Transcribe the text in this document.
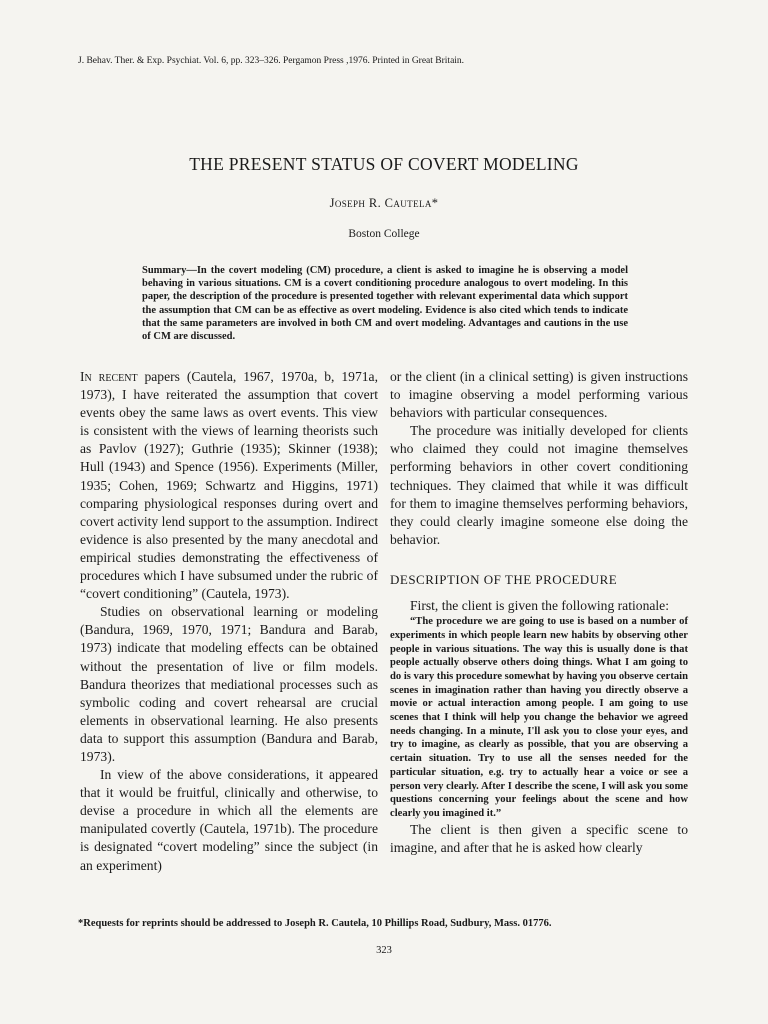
J. Behav. Ther. & Exp. Psychiat. Vol. 6, pp. 323–326. Pergamon Press ,1976. Printed in Great Britain.
THE PRESENT STATUS OF COVERT MODELING
Joseph R. Cautela*
Boston College
Summary—In the covert modeling (CM) procedure, a client is asked to imagine he is observing a model behaving in various situations. CM is a covert conditioning procedure analogous to overt modeling. In this paper, the description of the procedure is presented together with relevant experimental data which support the assumption that CM can be as effective as overt modeling. Evidence is also cited which tends to indicate that the same parameters are involved in both CM and overt modeling. Advantages and cautions in the use of CM are discussed.

In recent papers (Cautela, 1967, 1970a, b, 1971a, 1973), I have reiterated the assumption that covert events obey the same laws as overt events. This view is consistent with the views of learning theorists such as Pavlov (1927); Guthrie (1935); Skinner (1938); Hull (1943) and Spence (1956). Experiments (Miller, 1935; Cohen, 1969; Schwartz and Higgins, 1971) comparing physiological responses during overt and covert activity lend support to the assumption. Indirect evidence is also presented by the many anecdotal and empirical studies demonstrating the effectiveness of procedures which I have subsumed under the rubric of “covert conditioning” (Cautela, 1973).

Studies on observational learning or modeling (Bandura, 1969, 1970, 1971; Bandura and Barab, 1973) indicate that modeling effects can be obtained without the presentation of live or film models. Bandura theorizes that mediational processes such as symbolic coding and covert rehearsal are crucial elements in observational learning. He also presents data to support this assumption (Bandura and Barab, 1973).

In view of the above considerations, it appeared that it would be fruitful, clinically and otherwise, to devise a procedure in which all the elements are manipulated covertly (Cautela, 1971b). The procedure is designated “covert modeling” since the subject (in an experiment)

or the client (in a clinical setting) is given instructions to imagine observing a model performing various behaviors with particular consequences.

The procedure was initially developed for clients who claimed they could not imagine themselves performing behaviors in other covert conditioning techniques. They claimed that while it was difficult for them to imagine themselves performing behaviors, they could clearly imagine someone else doing the behavior.

DESCRIPTION OF THE PROCEDURE

First, the client is given the following rationale:

“The procedure we are going to use is based on a number of experiments in which people learn new habits by observing other people in various situations. The way this is usually done is that people actually observe others doing things. What I am going to do is vary this procedure somewhat by having you observe certain scenes in imagination rather than having you directly observe a movie or actual interaction among people. I am going to use scenes that I think will help you change the behavior we agreed needs changing. In a minute, I'll ask you to close your eyes, and try to imagine, as clearly as possible, that you are observing a certain situation. Try to use all the senses needed for the particular situation, e.g. try to actually hear a voice or see a person very clearly. After I describe the scene, I will ask you some questions concerning your feelings about the scene and how clearly you imagined it.”

The client is then given a specific scene to imagine, and after that he is asked how clearly

*Requests for reprints should be addressed to Joseph R. Cautela, 10 Phillips Road, Sudbury, Mass. 01776.
323
